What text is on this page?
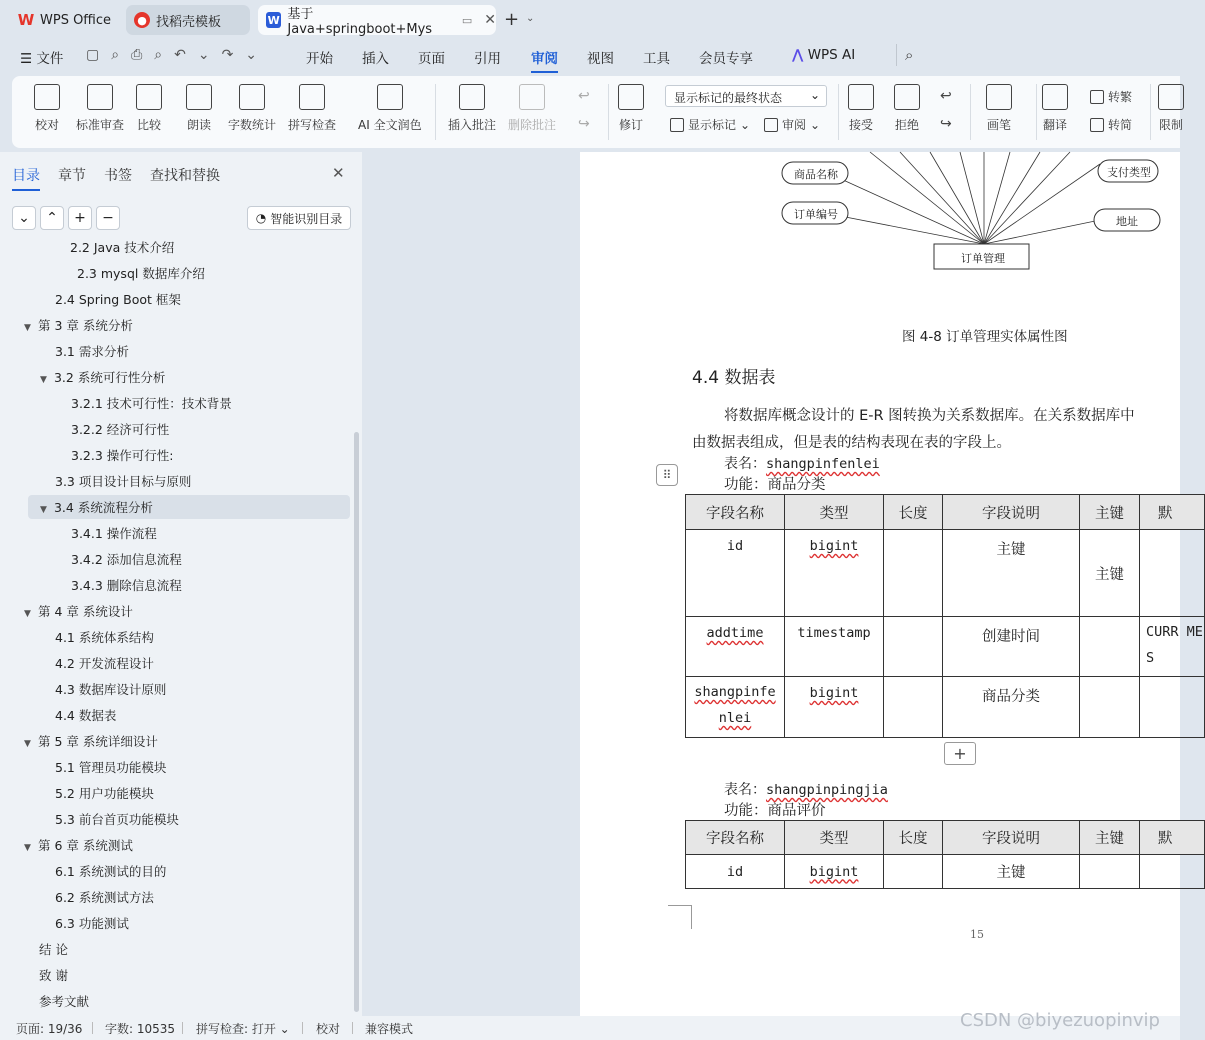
W WPS Office ● 找稻壳模板	W 基于Java+springboot+Mys
▭ ✕ + ⌄
☰ 文件 ▢⌕⎙⌕↶⌄↷⌄	开始 插入 页面 引用 审阅 视图 工具 会员专享	⋀ WPS AI	⌕
校对 标准审查 比较 朗读 字数统计 拼写检查 AI 全文润色 插入批注 删除批注
↩
↪ 修订
显示标记的最终状态 ⌄
显示标记 ⌄	审阅 ⌄ 接受 拒绝
↩
↪	画笔	翻译
转繁
转简 限制
目录 章节 书签 查找和替换	✕
⌄	⌃	+	−	◔ 智能识别目录
2.2 Java 技术介绍
2.3 mysql 数据库介绍
2.4 Spring Boot 框架
▼ 第 3 章 系统分析
3.1 需求分析
▼ 3.2 系统可行性分析
3.2.1 技术可行性：技术背景
3.2.2 经济可行性
3.2.3 操作可行性:
3.3 项目设计目标与原则
▼ 3.4 系统流程分析
3.4.1 操作流程
3.4.2 添加信息流程
3.4.3 删除信息流程
▼ 第 4 章 系统设计
4.1 系统体系结构
4.2 开发流程设计
4.3 数据库设计原则
4.4 数据表
▼ 第 5 章 系统详细设计
5.1 管理员功能模块
5.2 用户功能模块
5.3 前台首页功能模块
▼ 第 6 章 系统测试
6.1 系统测试的目的
6.2 系统测试方法
6.3 功能测试
结 论
致 谢
参考文献
商品名称
订单编号
支付类型
地址
订单管理
图 4-8 订单管理实体属性图
4.4 数据表
将数据库概念设计的 E-R 图转换为关系数据库。在关系数据库中
由数据表组成，但是表的结构表现在表的字段上。
表名：shangpinfenlei
功能：商品分类
⠿
字段名称	类型	长度	字段说明	主键	默
id	bigint		主键	主键	
addtime	timestamp		创建时间		CURR MES
shangpinfenlei	bigint		商品分类		
+
表名：shangpinpingjia
功能：商品评价
字段名称	类型	长度	字段说明	主键	默
id	bigint		主键		
15
页面: 19/36 字数: 10535 拼写检查: 打开 ⌄ 校对 兼容模式	CSDN @biyezuopinvip
